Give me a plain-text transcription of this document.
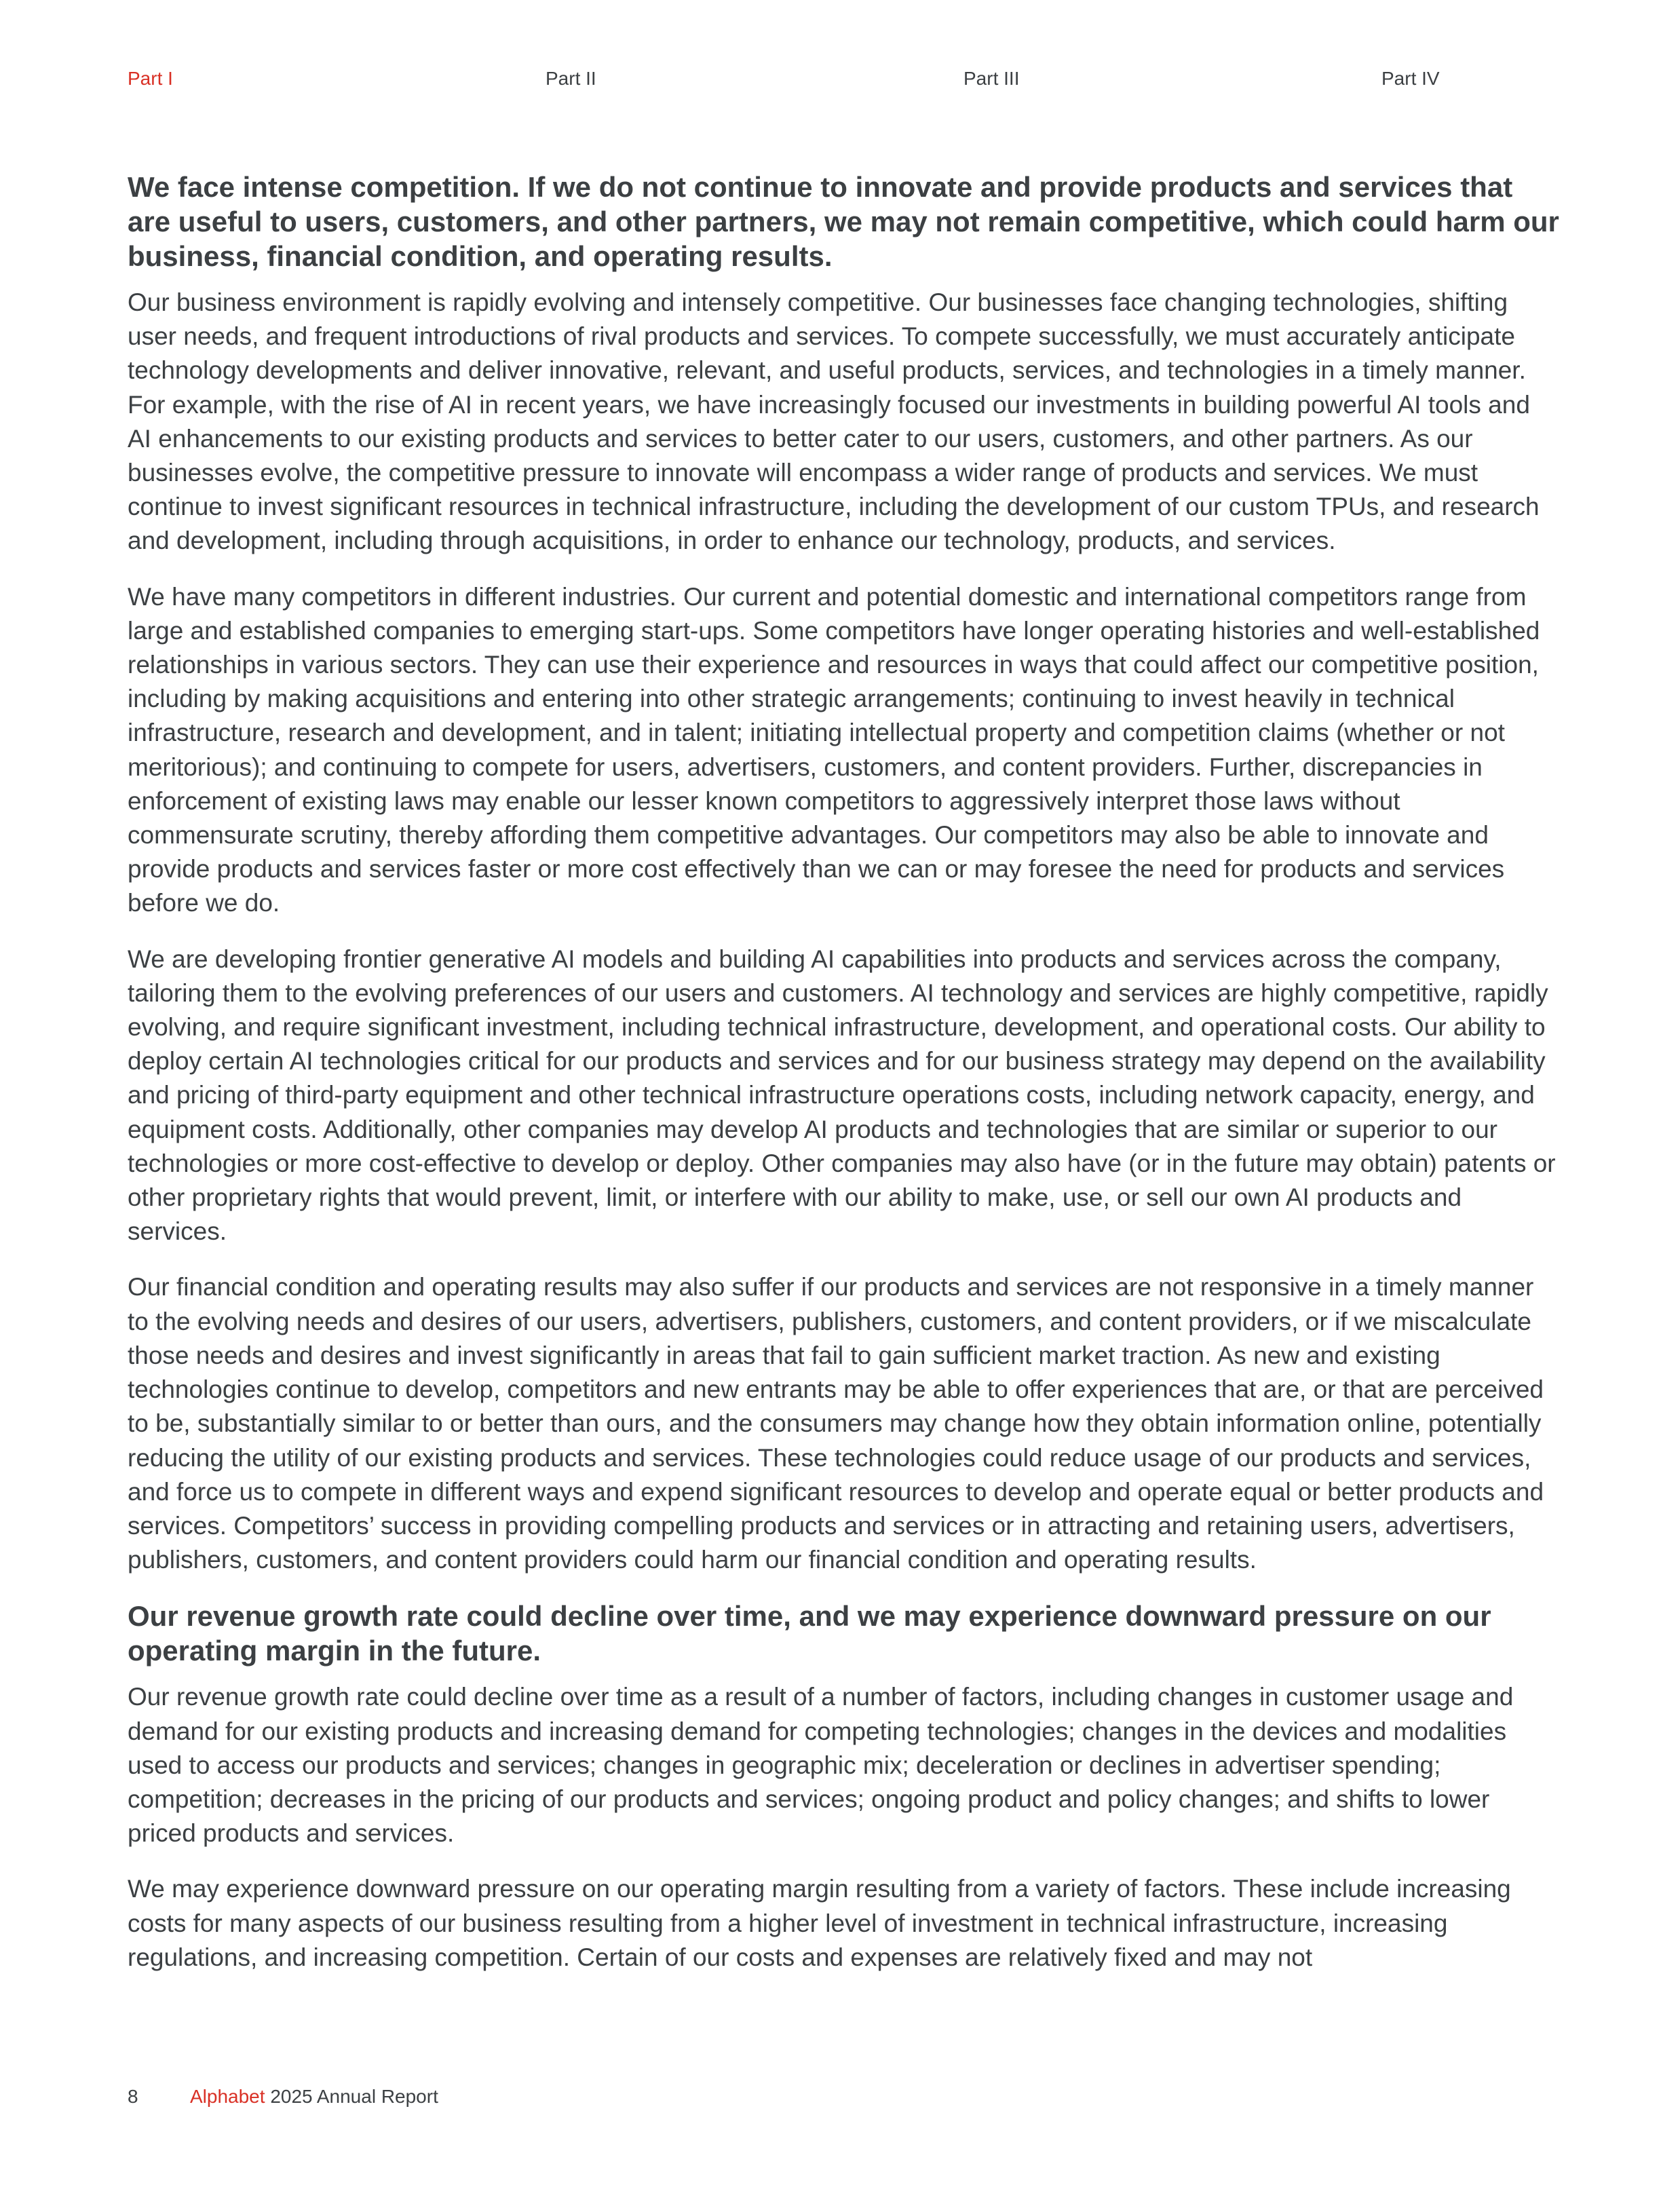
Part I	Part II	Part III	Part IV
We face intense competition. If we do not continue to innovate and provide products and services that are useful to users, customers, and other partners, we may not remain competitive, which could harm our business, financial condition, and operating results.

Our business environment is rapidly evolving and intensely competitive. Our businesses face changing technologies, shifting user needs, and frequent introductions of rival products and services. To compete successfully, we must accurately anticipate technology developments and deliver innovative, relevant, and useful products, services, and technologies in a timely manner. For example, with the rise of AI in recent years, we have increasingly focused our investments in building powerful AI tools and AI enhancements to our existing products and services to better cater to our users, customers, and other partners. As our businesses evolve, the competitive pressure to innovate will encompass a wider range of products and services. We must continue to invest significant resources in technical infrastructure, including the development of our custom TPUs, and research and development, including through acquisitions, in order to enhance our technology, products, and services.

We have many competitors in different industries. Our current and potential domestic and international competitors range from large and established companies to emerging start-ups. Some competitors have longer operating histories and well-established relationships in various sectors. They can use their experience and resources in ways that could affect our competitive position, including by making acquisitions and entering into other strategic arrangements; continuing to invest heavily in technical infrastructure, research and development, and in talent; initiating intellectual property and competition claims (whether or not meritorious); and continuing to compete for users, advertisers, customers, and content providers. Further, discrepancies in enforcement of existing laws may enable our lesser known competitors to aggressively interpret those laws without commensurate scrutiny, thereby affording them competitive advantages. Our competitors may also be able to innovate and provide products and services faster or more cost effectively than we can or may foresee the need for products and services before we do.

We are developing frontier generative AI models and building AI capabilities into products and services across the company, tailoring them to the evolving preferences of our users and customers. AI technology and services are highly competitive, rapidly evolving, and require significant investment, including technical infrastructure, development, and operational costs. Our ability to deploy certain AI technologies critical for our products and services and for our business strategy may depend on the availability and pricing of third-party equipment and other technical infrastructure operations costs, including network capacity, energy, and equipment costs. Additionally, other companies may develop AI products and technologies that are similar or superior to our technologies or more cost-effective to develop or deploy. Other companies may also have (or in the future may obtain) patents or other proprietary rights that would prevent, limit, or interfere with our ability to make, use, or sell our own AI products and services.

Our financial condition and operating results may also suffer if our products and services are not responsive in a timely manner to the evolving needs and desires of our users, advertisers, publishers, customers, and content providers, or if we miscalculate those needs and desires and invest significantly in areas that fail to gain sufficient market traction. As new and existing technologies continue to develop, competitors and new entrants may be able to offer experiences that are, or that are perceived to be, substantially similar to or better than ours, and the consumers may change how they obtain information online, potentially reducing the utility of our existing products and services. These technologies could reduce usage of our products and services, and force us to compete in different ways and expend significant resources to develop and operate equal or better products and services. Competitors’ success in providing compelling products and services or in attracting and retaining users, advertisers, publishers, customers, and content providers could harm our financial condition and operating results.

Our revenue growth rate could decline over time, and we may experience downward pressure on our operating margin in the future.

Our revenue growth rate could decline over time as a result of a number of factors, including changes in customer usage and demand for our existing products and increasing demand for competing technologies; changes in the devices and modalities used to access our products and services; changes in geographic mix; deceleration or declines in advertiser spending; competition; decreases in the pricing of our products and services; ongoing product and policy changes; and shifts to lower priced products and services.

We may experience downward pressure on our operating margin resulting from a variety of factors. These include increasing costs for many aspects of our business resulting from a higher level of investment in technical infrastructure, increasing regulations, and increasing competition. Certain of our costs and expenses are relatively fixed and may not

8	Alphabet 2025 Annual Report
